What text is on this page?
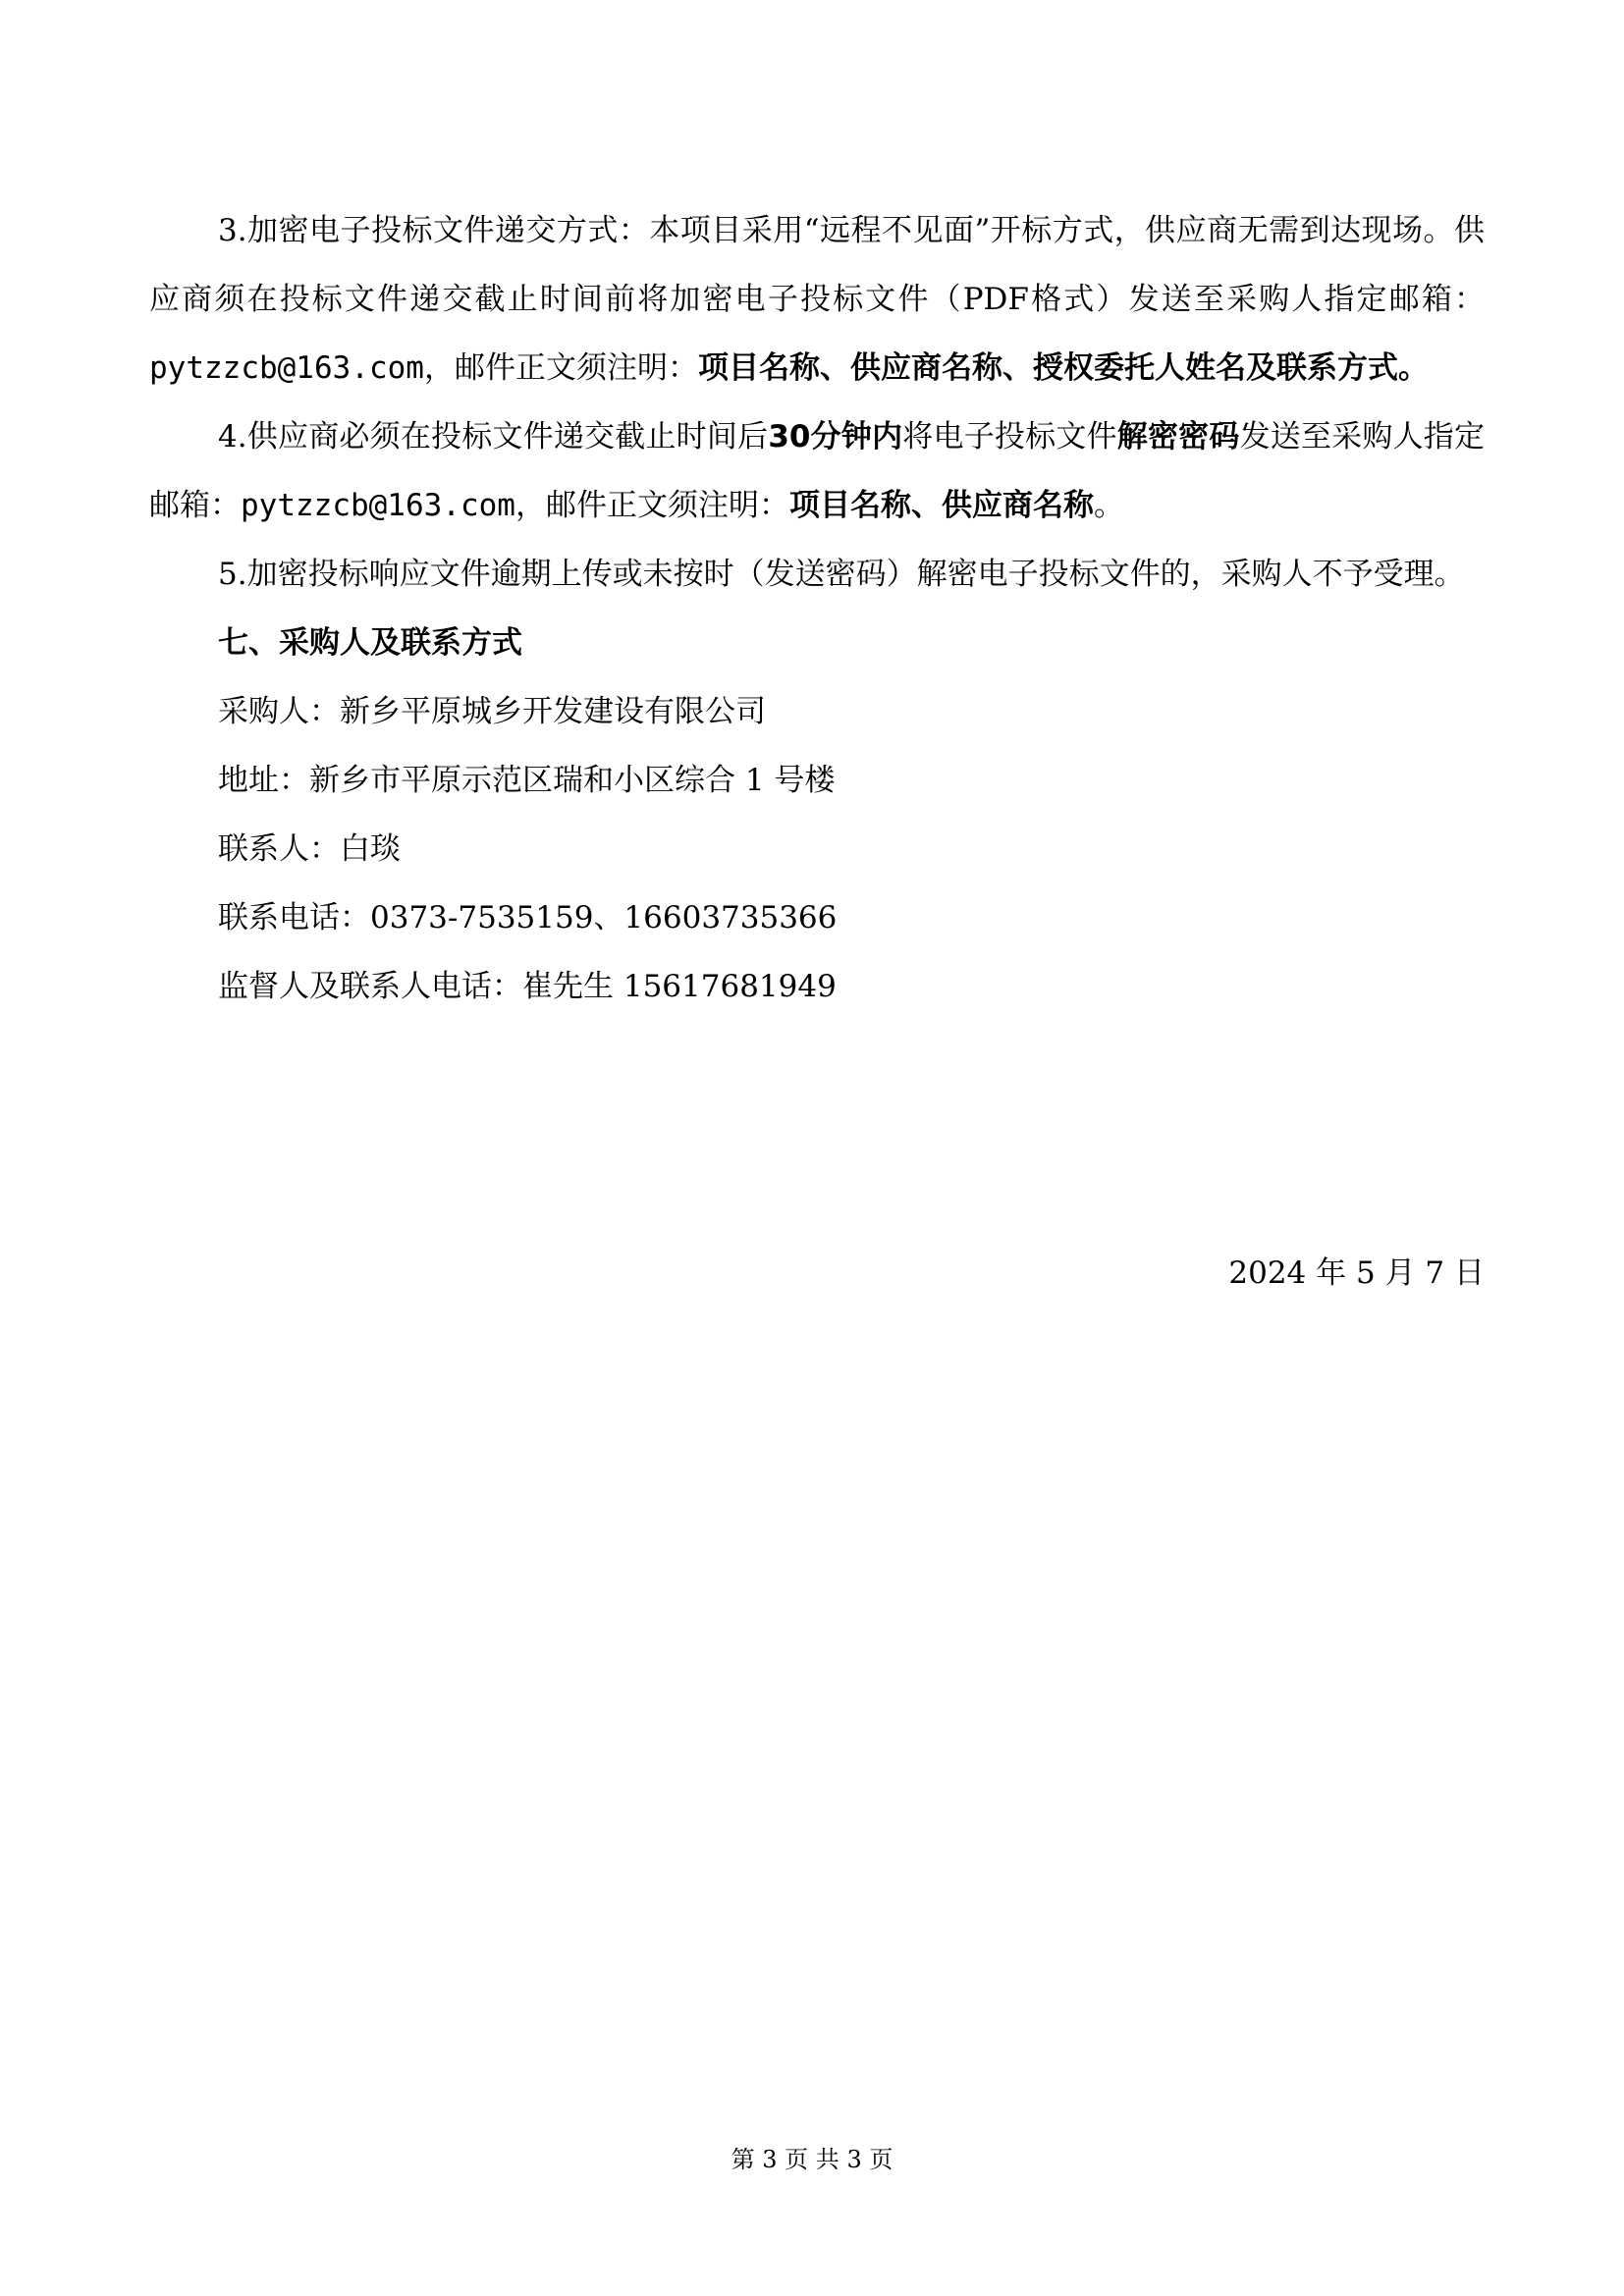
3.加密电子投标文件递交方式：本项目采用“远程不见面”开标方式，供应商无需到达现场。供应商须在投标文件递交截止时间前将加密电子投标文件（PDF格式）发送至采购人指定邮箱：pytzzcb@163.com，邮件正文须注明：项目名称、供应商名称、授权委托人姓名及联系方式。

4.供应商必须在投标文件递交截止时间后30分钟内将电子投标文件解密密码发送至采购人指定邮箱：pytzzcb@163.com，邮件正文须注明：项目名称、供应商名称。

5.加密投标响应文件逾期上传或未按时（发送密码）解密电子投标文件的，采购人不予受理。

七、采购人及联系方式

采购人：新乡平原城乡开发建设有限公司

地址：新乡市平原示范区瑞和小区综合 1 号楼

联系人：白琰

联系电话：0373-7535159、16603735366

监督人及联系人电话：崔先生 15617681949

2024 年 5 月 7 日
第 3 页 共 3 页
